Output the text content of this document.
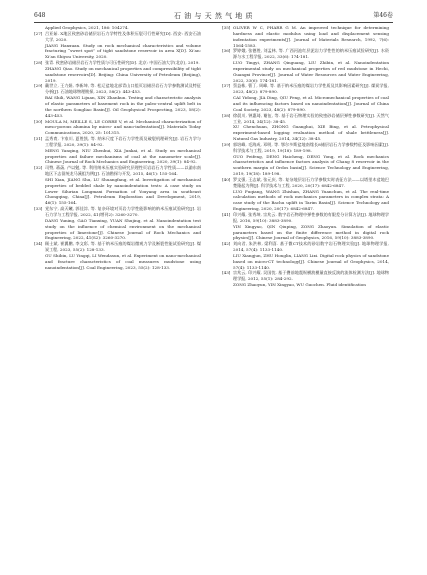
648	石 油 与 天 然 气 地 质	第46卷
Applied Geophysics, 2021, 186: 104274.
[27] 吕亚茹. X地区致密砂岩储层岩石力学特性及体积压裂可行性研究[D]. 西安: 西安石油大学, 2020.
JIANG Hanxuan. Study on rock mechanical characteristics and volume fracturing “sweet spot” of tight sandstone reservoir in area X[D]. Xi’an: Xi’an Shiyou University, 2020.
[28] 张青. 致密砂岩储层岩石力学性质与可压性研究[D]. 北京: 中国石油大学(北京), 2019.
ZHANG Qiao. Study on mechanical properties and compressibility of tight sandstone reservoirs[D]. Beijing: China University of Petroleum (Beijing), 2019.
[29] 戴世立, 王力娟, 李新坤, 等. 松辽盆地北部青山口组页岩储层岩石力学参数测试及特征分析[J]. 石油地球物理勘探, 2023, 58(2): 443-453.
BAI Shili, WANG Lijuan, XIN Zhankun. Testing and characteristic analysis of elastic parameters of basement rock in the paleo-central uplift belt in the northern Songliao Basin[J]. Oil Geophysical Prospecting, 2023, 58(2): 443-453.
[30] MOULA M, MEILLE S, LE CORRE V, et al. Mechanical characterization of meso-porous alumina by micro- and nano-indentation[J]. Materials Today Communications, 2020, 25: 101315.
[31] 孟秀育, 卞家川, 夏胜凯, 等. 纳米尺度下岩石力学性质及破裂机理研究[J]. 岩石力学与工程学报, 2020, 39(1): 84-92.
MENG Yanqing, NIU Zhenhui, XIA Junkai, et al. Study on mechanical properties and failure mechanisms of coal at the nanometer scale[J]. Chinese Journal of Rock Mechanics and Engineering, 2020, 39(1): 84-92.
[32] 司赞, 蒋菡, 卢以勉, 等. 利用纳米压痕实验研究层理性页岩岩石力学性质——以渝东南地区下志留统龙马溪组为例[J]. 石油勘探与开发, 2015, 46(1): 155-164.
SHI Xian, JIANG Shu, LU Shuangfang, et al. Investigation of mechanical properties of bedded shale by nanoindentation tests: A case study on Lower Silurian Longmaxi Formation of Youyang area in southeast Chongqing, China[J]. Petroleum Exploration and Development, 2019, 46(1): 155-164.
[33] 党东宁, 高天曦, 郭佳淙, 等. 复杂环境对页岩力学性能影响的纳米压痕试验研究[J]. 岩石力学与工程学报, 2022, 41(增刊2): 3260-3270.
DANG Yuning, GAO Tianxing, YUAN Shujing, et al. Nanoindentation test study on the influence of chemical environment on the mechanical properties of limestone[J]. Chinese Journal of Rock Mechanics and Engineering, 2022, 41(S2): 3260-3270.
[34] 顾士斌, 崔翼鹏, 李文彩, 等. 基于纳米压痕的煤岩微观力学及断裂性能试验研究[J]. 煤炭工程, 2023, 55(2): 128-133.
GU Shibin, LU Yingqi, LI Wendasun, et al. Experiment on nano-mechanical and fracture characteristics of coal measures mudstone using nanoindentation[J]. Coal Engineering, 2023, 55(2): 128-133.
[35] OLIVER W C, PHARR G M. An improved technique for determining hardness and elastic modulus using load and displacement sensing indentation experiments[J]. Journal of Materials Research, 1992, 7(6): 1564-1583.
[36] 罗婷娥, 张德胜, 刘孟林, 等. 广西河池红层泥岩力学性性的纳米压痕试验研究[J]. 水资源与水工程学报, 2022, 33(6): 174-181.
LUO Tingyi, ZHANG Qinguang, LIU Zhibin, et al. Nanoindentation experimental study on mechanical properties of red mudstone in Hechi, Guangxi Province[J]. Journal of Water Resources and Water Engineering, 2022, 33(6): 174-181.
[37] 蔡益栋, 曹丁, 周峰, 等. 基于纳米压痕的煤岩力学性质及其影响因素研究[J]. 煤炭学报, 2023, 48(2): 879-890.
CAI Yidong, JIA Ding, QIU Feng, et al. Micromechanical properties of coal and its influencing factors based on nanoindentation[J]. Journal of China Coal Society, 2023, 48(2): 879-890.
[38] 徐晨川, 钟惠琦, 谢伍, 等. 基于岩石物理实验的致密砂岩储层弹性参数研究[J]. 天然气工业, 2014, 34(12): 38-45.
XU Chenchuan, ZHONG Guanghui, XIE Bing, et al. Petrophysical experiment-based logging evaluation method of shale brittleness[J]. Natural Gas Industry, 2014, 34(12): 38-45.
[39] 郭培峰, 毛海成, 邓明, 等. 鄂尔多斯盆地南缘长8储层岩石力学参数特征及影响因素[J]. 科学技术与工程, 2019, 19(18): 189-198.
GUO Peifeng, DENG Haicheng, DENG Yong, et al. Rock mechanics characteristics and influence factors analysis of Chang 8 reservoir in the southern margin of Ordos basin[J]. Science Technology and Engineering, 2019, 19(18): 189-198.
[40] 罗文强, 王志斌, 张元庆, 等. 复杂地层岩石力学参数实时表征方法——以塔里木盆地巴楚隆起为例[J]. 科学技术与工程, 2020, 20(17): 6842-6847.
LUO Fuqiang, WANG Zhishan, ZHANG Yuanchun, et al. The real-time calculation methods of rock mechanics parameters in complex strata: A case study of the Bachu uplift in Tarim Basin[J]. Science Technology and Engineering, 2020, 20(17): 6842-6847.
[41] 印兴耀, 张秀坤, 宗兆云. 数字岩石物理中弹性参数的有限差分计算方法[J]. 地球物理学报, 2016, 59(10): 3883-3890.
YIN Xingyao, QIN Qiuping, ZONG Zhaoyun. Simulation of elastic parameters based on the finite difference method in digital rock physics[J]. Chinese Journal of Geophysics, 2016, 59(10): 3883-3890.
[42] 刘向君, 朱洪林, 梁利喜. 基于微CT技术的砂岩数字岩石物理实验[J]. 地球物理学报, 2014, 57(4): 1133-1140.
LIU Xiangjun, ZHU Honglin, LIANG Lixi. Digital rock physics of sandstone based on micro-CT technology[J]. Chinese Journal of Geophysics, 2014, 57(4): 1133-1140.
[43] 宗兆云, 印兴耀, 吴国忱. 基于叠前地震纵横波模量直接反演的流体检测方法[J]. 地球物理学报, 2012, 55(1): 284-292.
ZONG Zhaoyun, YIN Xingyao, WU Guochen. Fluid identification
